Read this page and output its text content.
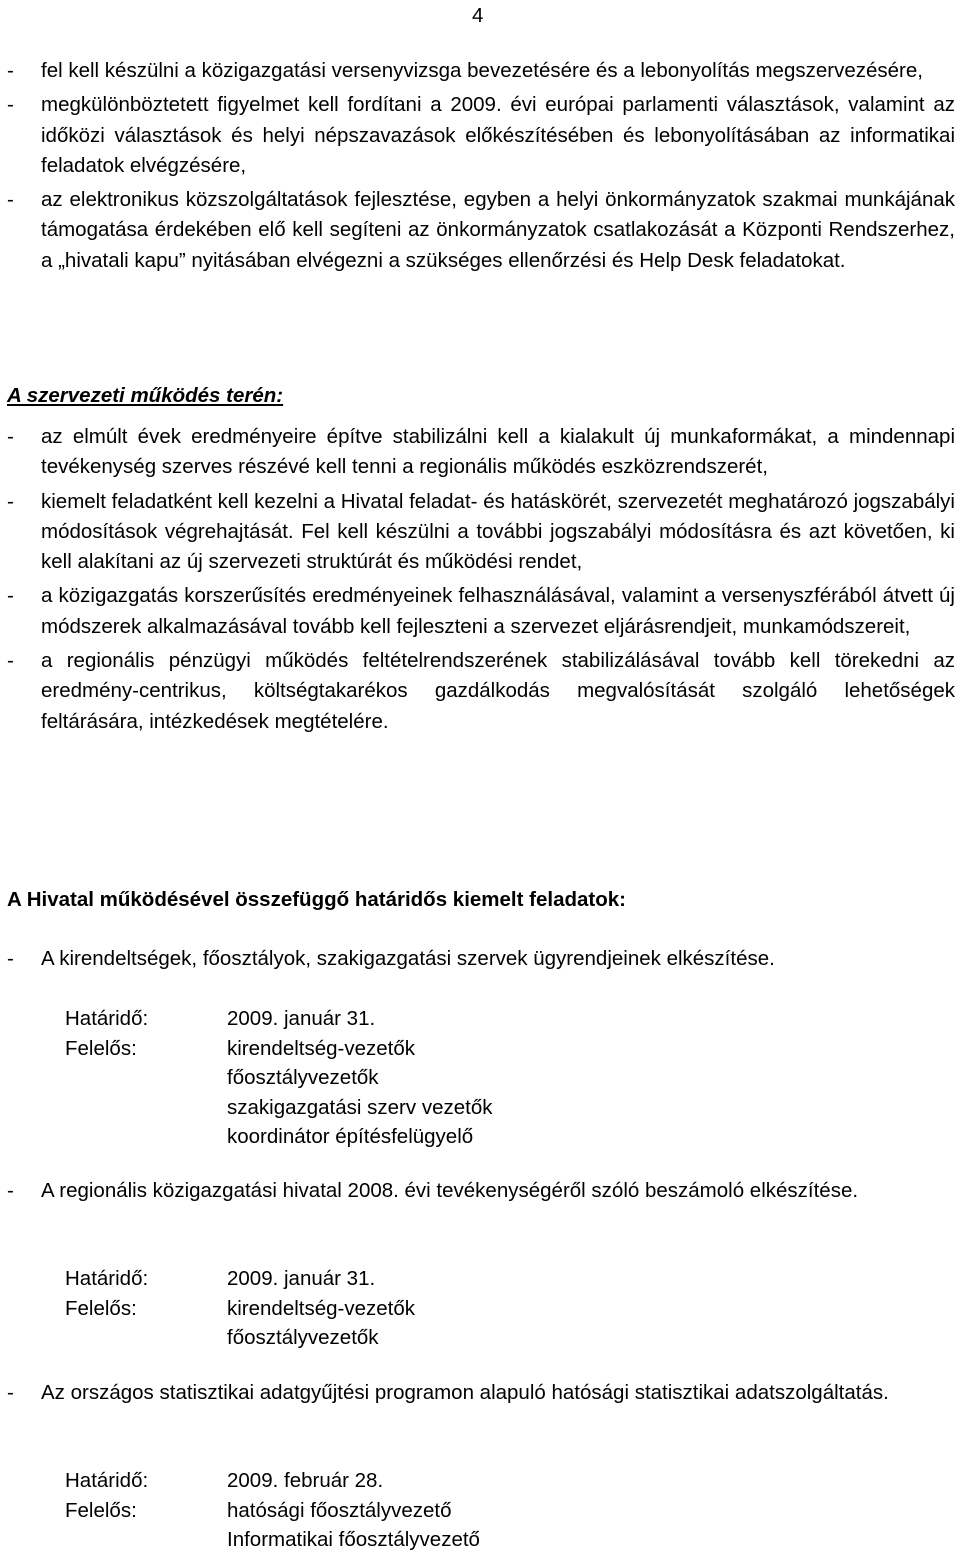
4
- fel kell készülni a közigazgatási versenyvizsga bevezetésére és a lebonyolítás megszervezésére,
- megkülönböztetett figyelmet kell fordítani a 2009. évi európai parlamenti választások, valamint az időközi választások és helyi népszavazások előkészítésében és lebonyolításában az informatikai feladatok elvégzésére,
- az elektronikus közszolgáltatások fejlesztése, egyben a helyi önkormányzatok szakmai munkájának támogatása érdekében elő kell segíteni az önkormányzatok csatlakozását a Központi Rendszerhez, a „hivatali kapu” nyitásában elvégezni a szükséges ellenőrzési és Help Desk feladatokat.
A szervezeti működés terén:
- az elmúlt évek eredményeire építve stabilizálni kell a kialakult új munkaformákat, a mindennapi tevékenység szerves részévé kell tenni a regionális működés eszközrendszerét,
- kiemelt feladatként kell kezelni a Hivatal feladat- és hatáskörét, szervezetét meghatározó jogszabályi módosítások végrehajtását. Fel kell készülni a további jogszabályi módosításra és azt követően, ki kell alakítani az új szervezeti struktúrát és működési rendet,
- a közigazgatás korszerűsítés eredményeinek felhasználásával, valamint a versenyszférából átvett új módszerek alkalmazásával tovább kell fejleszteni a szervezet eljárásrendjeit, munkamódszereit,
- a regionális pénzügyi működés feltételrendszerének stabilizálásával tovább kell törekedni az eredmény-centrikus, költségtakarékos gazdálkodás megvalósítását szolgáló lehetőségek feltárására, intézkedések megtételére.
A Hivatal működésével összefüggő határidős kiemelt feladatok:
- A kirendeltségek, főosztályok, szakigazgatási szervek ügyrendjeinek elkészítése.
Határidő:	2009. január 31.
Felelős:	kirendeltség-vezetők
főosztályvezetők
szakigazgatási szerv vezetők
koordinátor építésfelügyelő
- A regionális közigazgatási hivatal 2008. évi tevékenységéről szóló beszámoló elkészítése.
Határidő:	2009. január 31.
Felelős:	kirendeltség-vezetők
főosztályvezetők
- Az országos statisztikai adatgyűjtési programon alapuló hatósági statisztikai adatszolgáltatás.
Határidő:	2009. február 28.
Felelős:	hatósági főosztályvezető
Informatikai főosztályvezető
